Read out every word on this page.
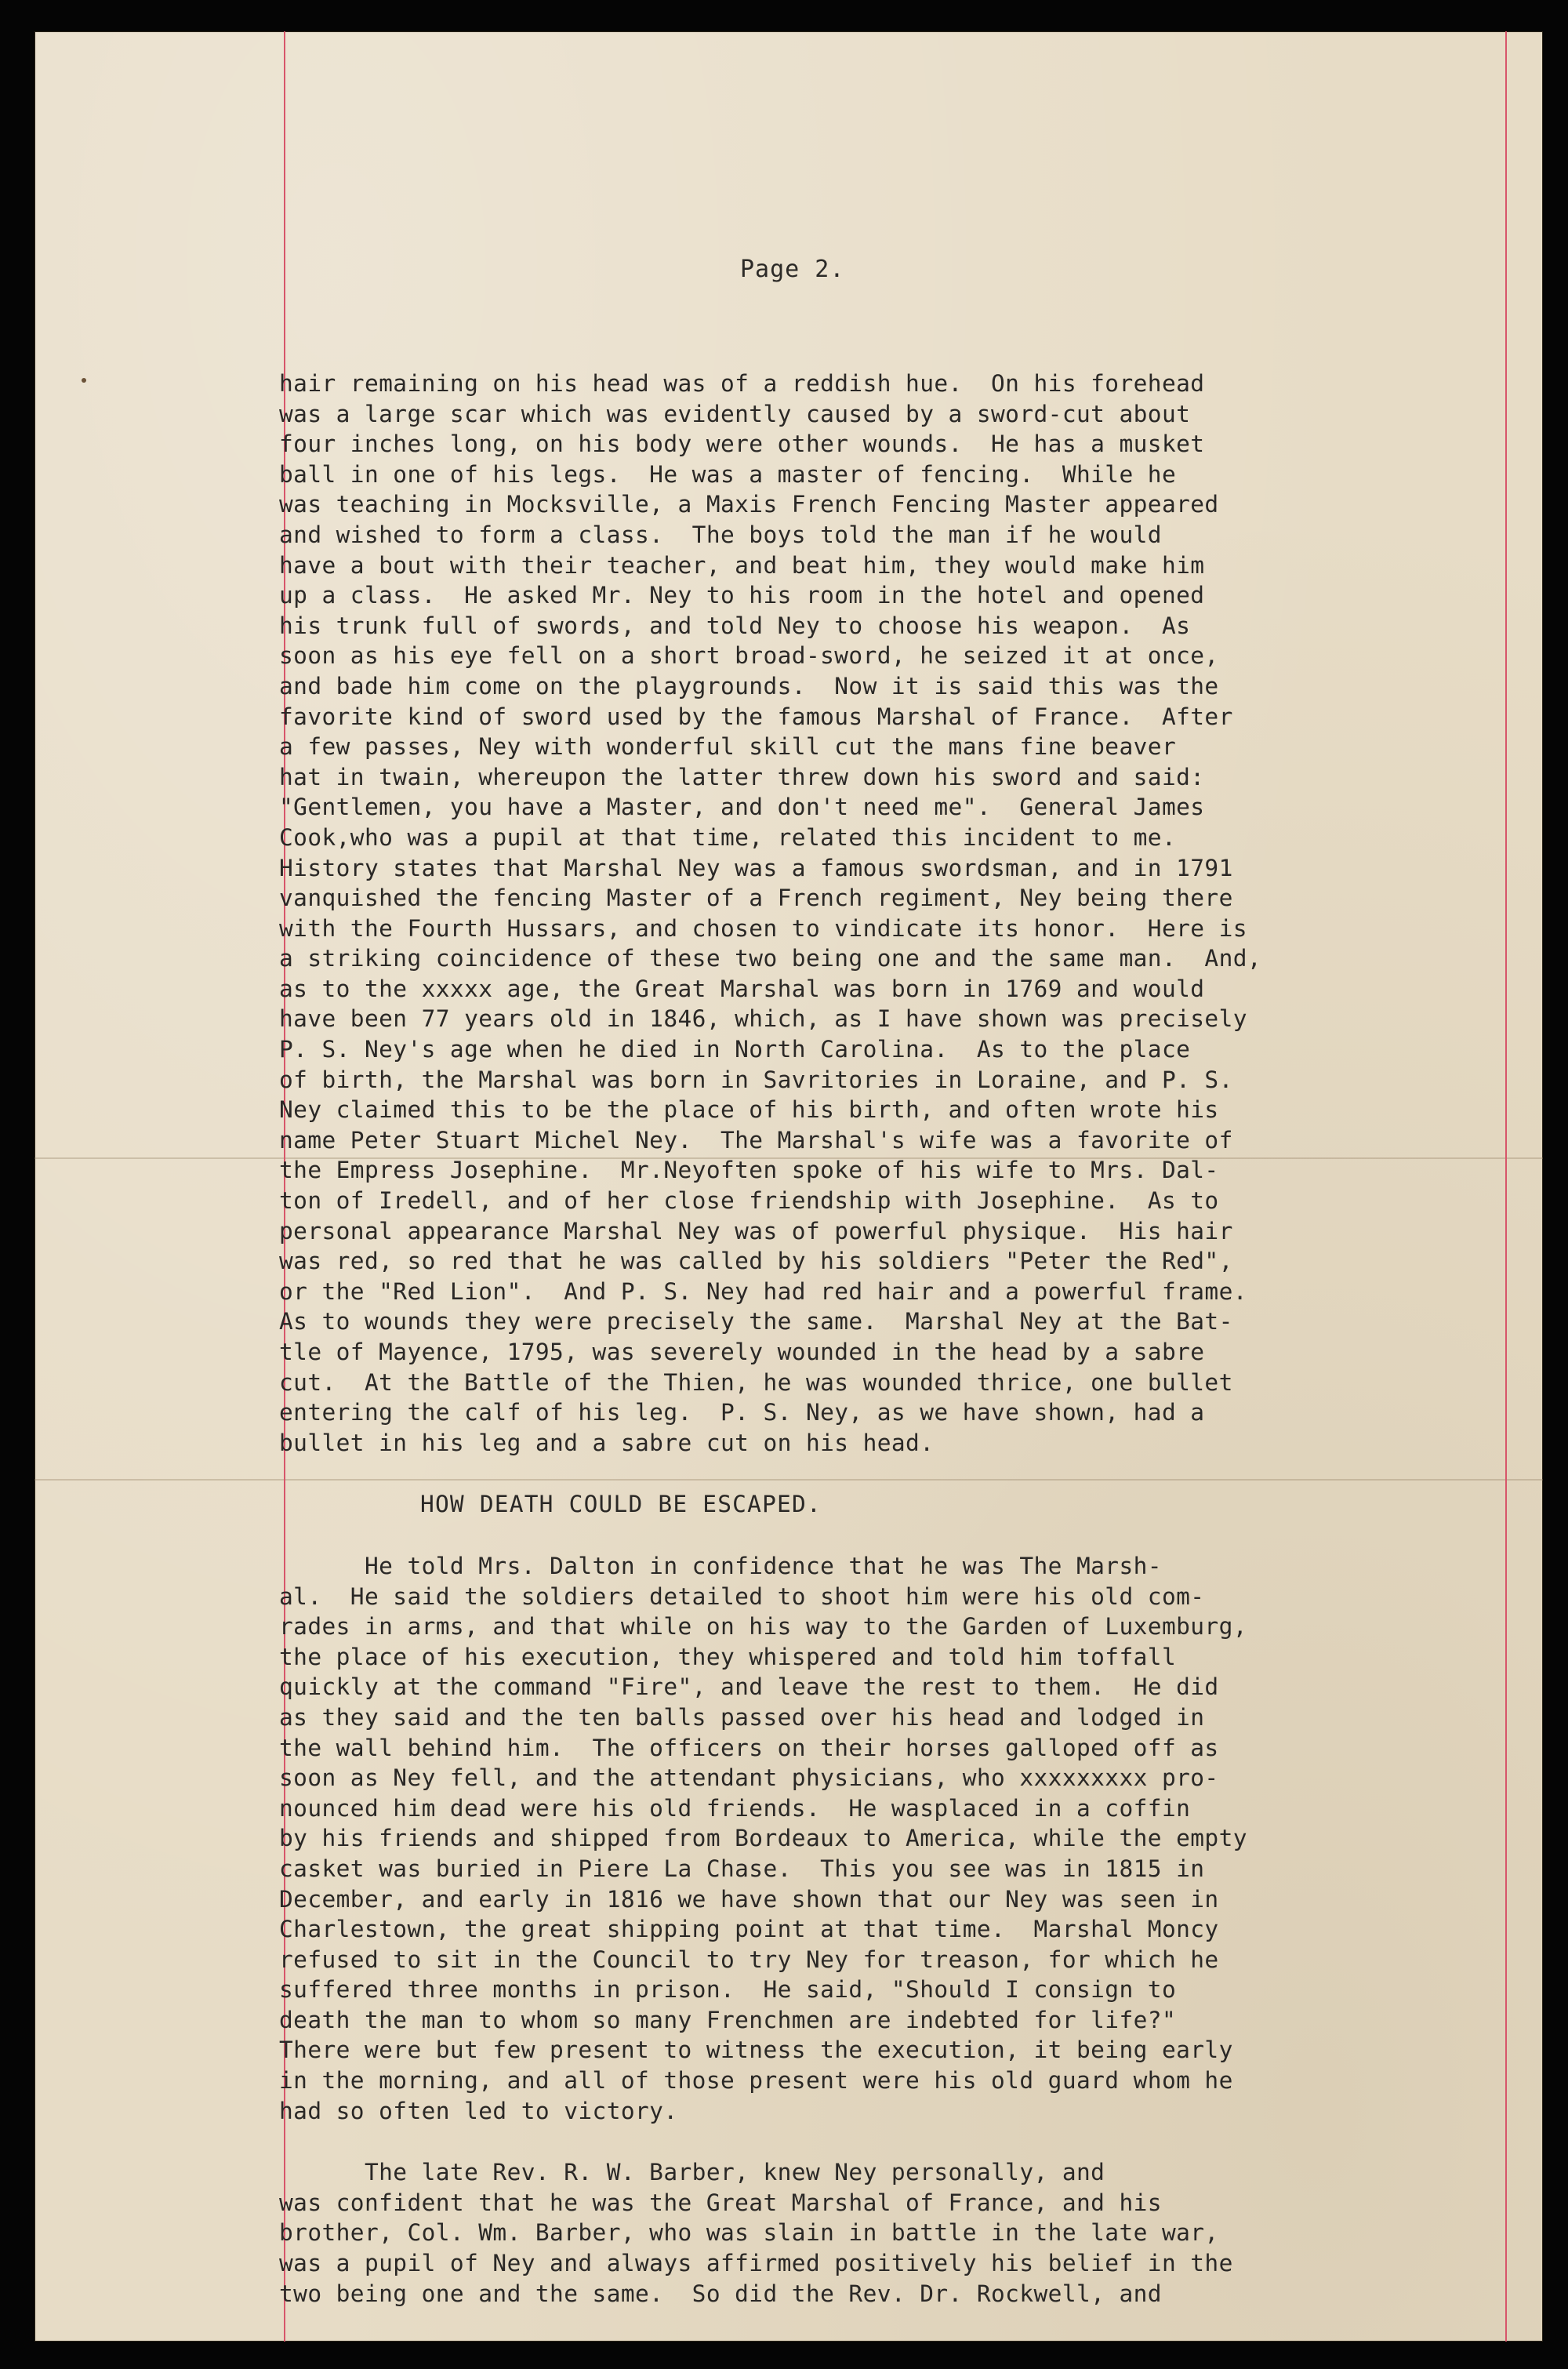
Page 2.
hair remaining on his head was of a reddish hue.  On his forehead
was a large scar which was evidently caused by a sword-cut about
four inches long, on his body were other wounds.  He has a musket
ball in one of his legs.  He was a master of fencing.  While he
was teaching in Mocksville, a Maxis French Fencing Master appeared
and wished to form a class.  The boys told the man if he would
have a bout with their teacher, and beat him, they would make him
up a class.  He asked Mr. Ney to his room in the hotel and opened
his trunk full of swords, and told Ney to choose his weapon.  As
soon as his eye fell on a short broad-sword, he seized it at once,
and bade him come on the playgrounds.  Now it is said this was the
favorite kind of sword used by the famous Marshal of France.  After
a few passes, Ney with wonderful skill cut the mans fine beaver
hat in twain, whereupon the latter threw down his sword and said:
"Gentlemen, you have a Master, and don't need me".  General James
Cook,who was a pupil at that time, related this incident to me.
History states that Marshal Ney was a famous swordsman, and in 1791
vanquished the fencing Master of a French regiment, Ney being there
with the Fourth Hussars, and chosen to vindicate its honor.  Here is
a striking coincidence of these two being one and the same man.  And,
as to the xxxxx age, the Great Marshal was born in 1769 and would
have been 77 years old in 1846, which, as I have shown was precisely
P. S. Ney's age when he died in North Carolina.  As to the place
of birth, the Marshal was born in Savritories in Loraine, and P. S.
Ney claimed this to be the place of his birth, and often wrote his
name Peter Stuart Michel Ney.  The Marshal's wife was a favorite of
the Empress Josephine.  Mr.Neyoften spoke of his wife to Mrs. Dal-
ton of Iredell, and of her close friendship with Josephine.  As to
personal appearance Marshal Ney was of powerful physique.  His hair
was red, so red that he was called by his soldiers "Peter the Red",
or the "Red Lion".  And P. S. Ney had red hair and a powerful frame.
As to wounds they were precisely the same.  Marshal Ney at the Bat-
tle of Mayence, 1795, was severely wounded in the head by a sabre
cut.  At the Battle of the Thien, he was wounded thrice, one bullet
entering the calf of his leg.  P. S. Ney, as we have shown, had a
bullet in his leg and a sabre cut on his head.
HOW DEATH COULD BE ESCAPED.
He told Mrs. Dalton in confidence that he was The Marsh-
al.  He said the soldiers detailed to shoot him were his old com-
rades in arms, and that while on his way to the Garden of Luxemburg,
the place of his execution, they whispered and told him toffall
quickly at the command "Fire", and leave the rest to them.  He did
as they said and the ten balls passed over his head and lodged in
the wall behind him.  The officers on their horses galloped off as
soon as Ney fell, and the attendant physicians, who xxxxxxxxx pro-
nounced him dead were his old friends.  He wasplaced in a coffin
by his friends and shipped from Bordeaux to America, while the empty
casket was buried in Piere La Chase.  This you see was in 1815 in
December, and early in 1816 we have shown that our Ney was seen in
Charlestown, the great shipping point at that time.  Marshal Moncy
refused to sit in the Council to try Ney for treason, for which he
suffered three months in prison.  He said, "Should I consign to
death the man to whom so many Frenchmen are indebted for life?"
There were but few present to witness the execution, it being early
in the morning, and all of those present were his old guard whom he
had so often led to victory.
The late Rev. R. W. Barber, knew Ney personally, and
was confident that he was the Great Marshal of France, and his
brother, Col. Wm. Barber, who was slain in battle in the late war,
was a pupil of Ney and always affirmed positively his belief in the
two being one and the same.  So did the Rev. Dr. Rockwell, and
